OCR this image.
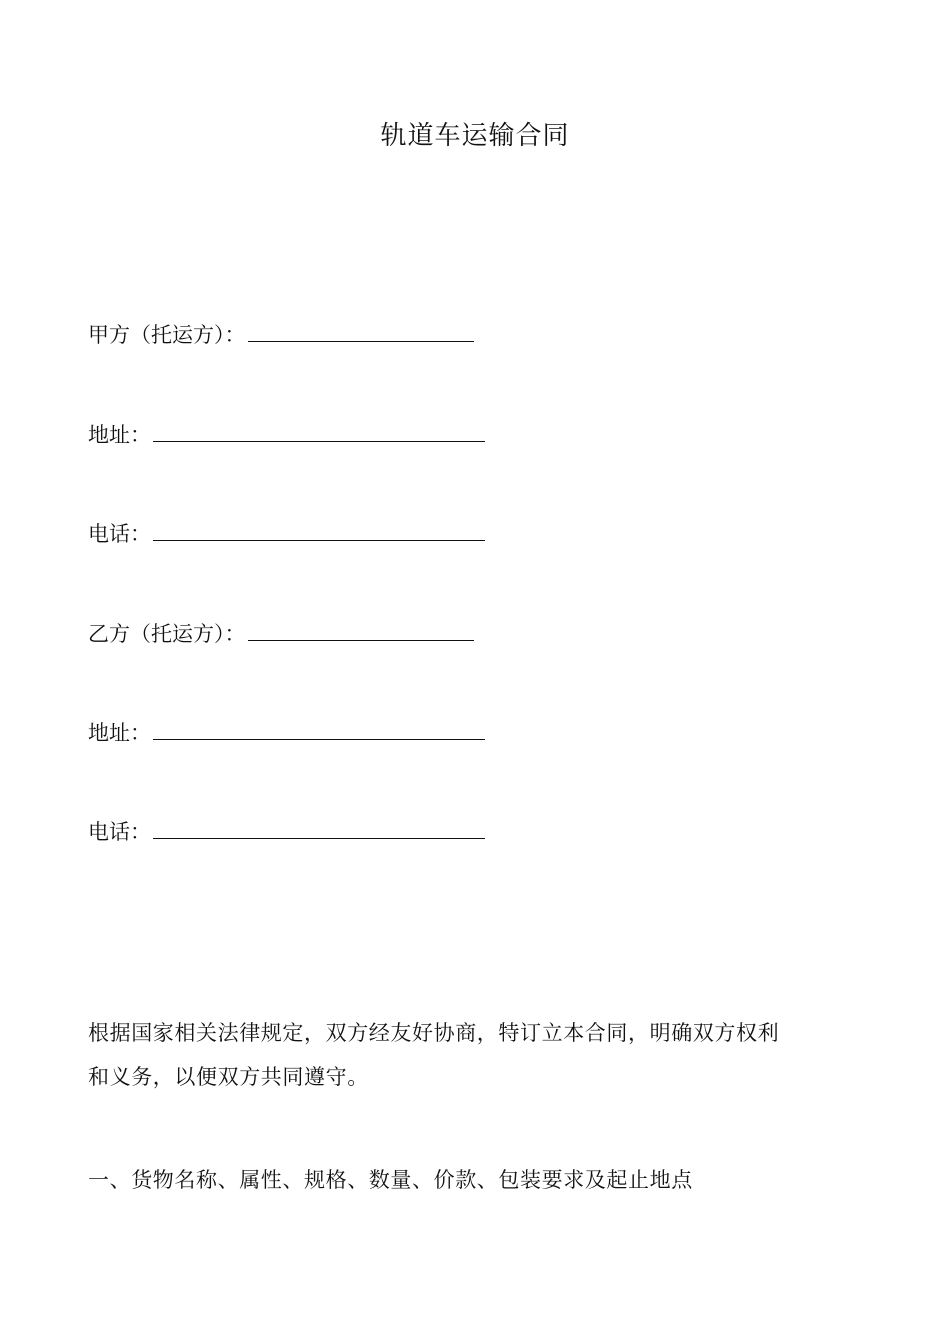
轨道车运输合同
甲方（托运方）：
地址：
电话：
乙方（托运方）：
地址：
电话：
根据国家相关法律规定，双方经友好协商，特订立本合同，明确双方权利
和义务，以便双方共同遵守。
一、货物名称、属性、规格、数量、价款、包装要求及起止地点
